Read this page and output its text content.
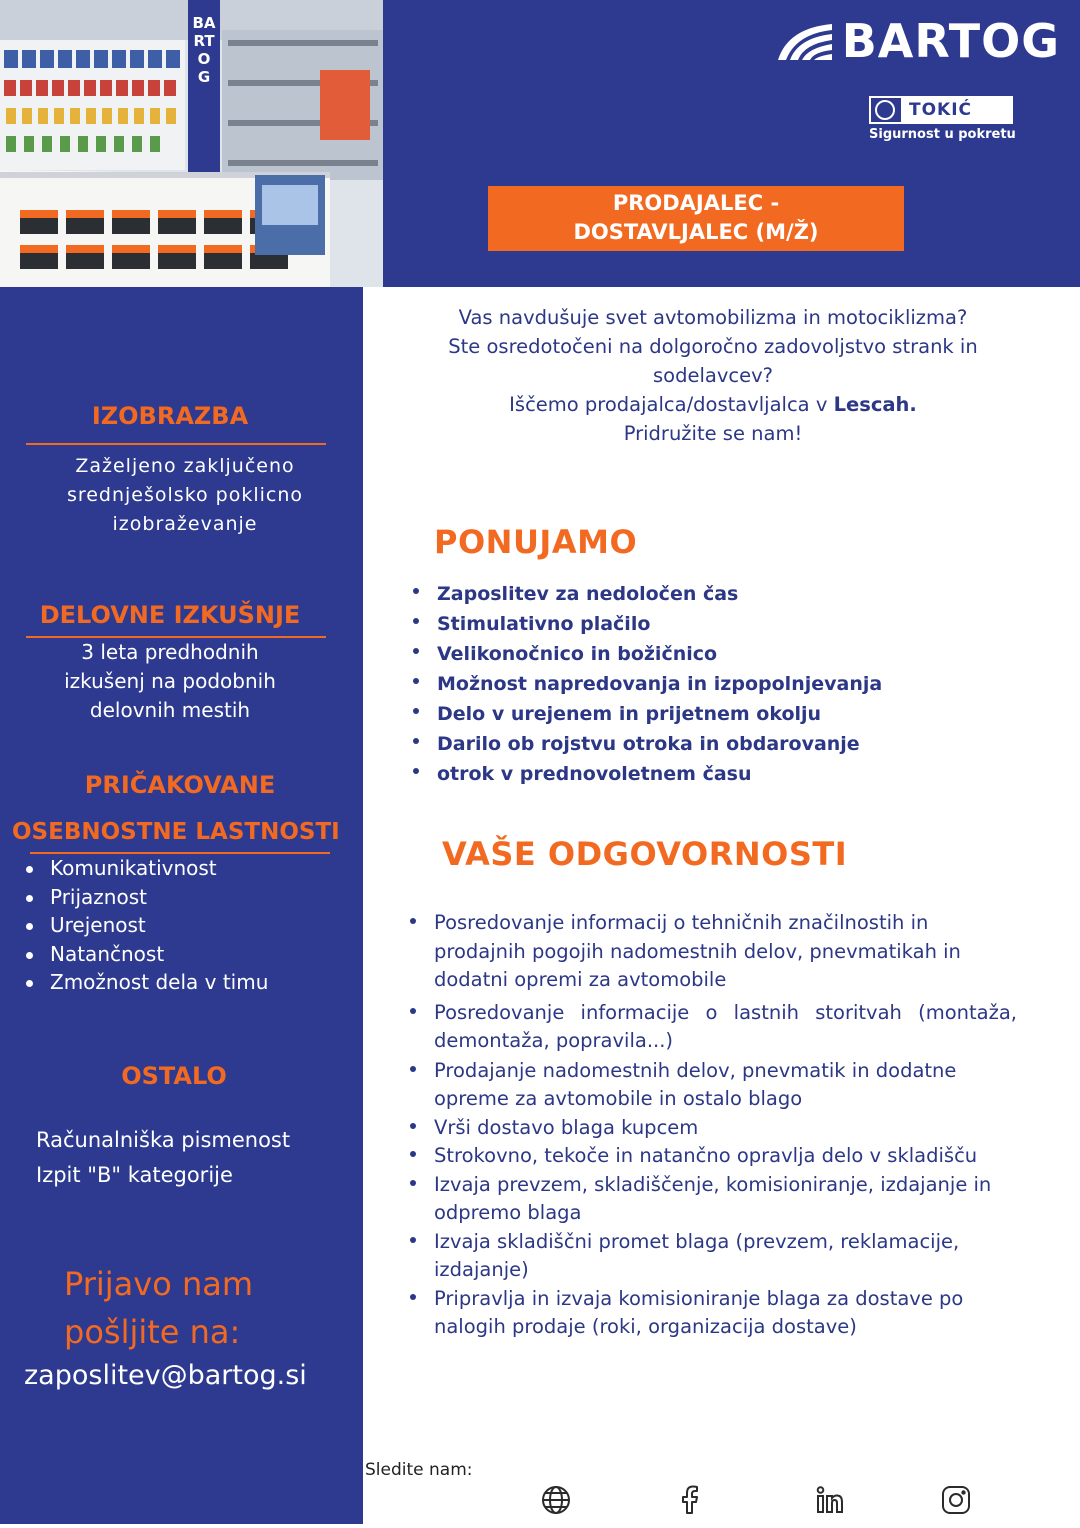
BARTOG
BARTOG
TOKIĆ
Sigurnost u pokretu
PRODAJALEC -
DOSTAVLJALEC (M/Ž)
IZOBRAZBA
Zaželjeno zaključeno
srednješolsko poklicno
izobraževanje
DELOVNE IZKUŠNJE
3 leta predhodnih
izkušenj na podobnih
delovnih mestih
PRIČAKOVANE
OSEBNOSTNE LASTNOSTI
Komunikativnost
Prijaznost
Urejenost
Natančnost
Zmožnost dela v timu
OSTALO
Računalniška pismenost
Izpit "B" kategorije
Prijavo nam
pošljite na:
zaposlitev@bartog.si
Vas navdušuje svet avtomobilizma in motociklizma?
Ste osredotočeni na dolgoročno zadovoljstvo strank in
sodelavcev?
Iščemo prodajalca/dostavljalca v Lescah.
Pridružite se nam!
PONUJAMO
Zaposlitev za nedoločen čas
Stimulativno plačilo
Velikonočnico in božičnico
Možnost napredovanja in izpopolnjevanja
Delo v urejenem in prijetnem okolju
Darilo ob rojstvu otroka in obdarovanje
otrok v prednovoletnem času
VAŠE ODGOVORNOSTI
Posredovanje informacij o tehničnih značilnostih in prodajnih pogojih nadomestnih delov, pnevmatikah in dodatni opremi za avtomobile
Posredovanje informacije o lastnih storitvah (montaža, demontaža, popravila...)
Prodajanje nadomestnih delov, pnevmatik in dodatne opreme za avtomobile in ostalo blago
Vrši dostavo blaga kupcem
Strokovno, tekoče in natančno opravlja delo v skladišču
Izvaja prevzem, skladiščenje, komisioniranje, izdajanje in odpremo blaga
Izvaja skladiščni promet blaga (prevzem, reklamacije, izdajanje)
Pripravlja in izvaja komisioniranje blaga za dostave po nalogih prodaje (roki, organizacija dostave)
Sledite nam:
